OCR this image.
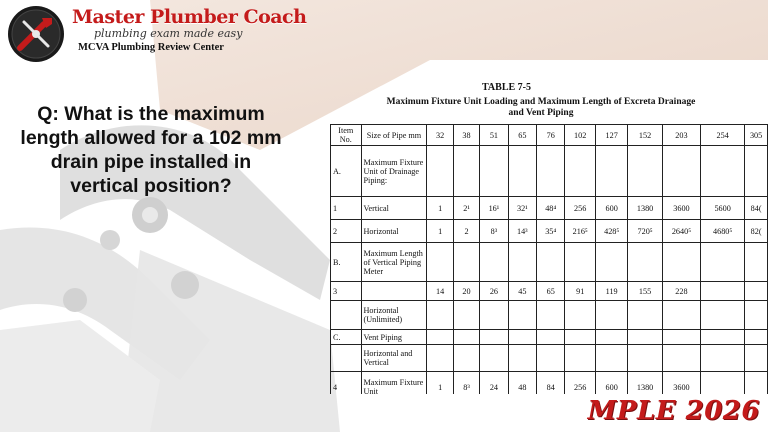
Master Plumber Coach
plumbing exam made easy
MCVA Plumbing Review Center
Q: What is the maximum length allowed for a 102 mm drain pipe installed in vertical position?
TABLE 7-5
Maximum Fixture Unit Loading and Maximum Length of Excreta Drainage and Vent Piping
Item No.	Size of Pipe mm	32	38	51	65	76	102	127	152	203	254	305
A.	Maximum Fixture Unit of Drainage Piping:											
1	Vertical	1	2¹	16¹	32¹	48⁴	256	600	1380	3600	5600	84(
2	Horizontal	1	2	8³	14³	35⁴	216⁵	428⁵	720⁵	2640⁵	4680⁵	82(
B.	Maximum Length of Vertical Piping Meter											
3		14	20	26	45	65	91	119	155	228		
	Horizontal (Unlimited)											
C.	Vent Piping											
	Horizontal and Vertical											
4	Maximum Fixture Unit	1	8³	24	48	84	256	600	1380	3600		

MPLE 2026
